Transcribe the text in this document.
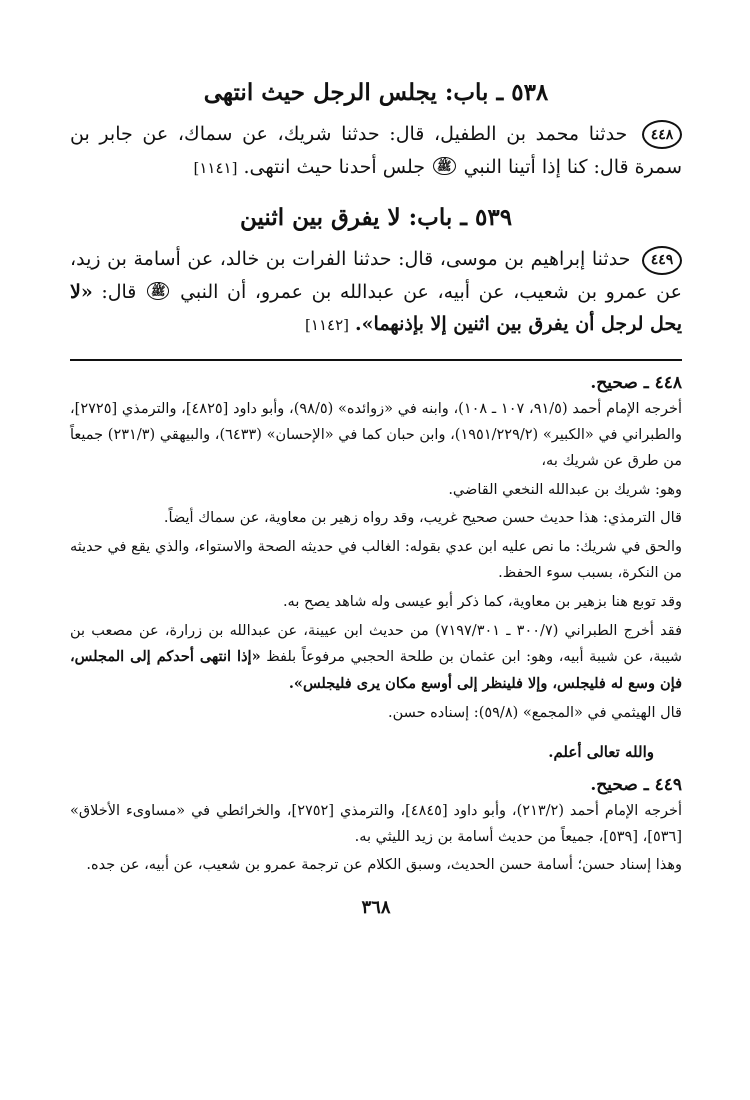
٥٣٨ ـ باب: يجلس الرجل حيث انتهى

٤٤٨ حدثنا محمد بن الطفيل، قال: حدثنا شريك، عن سماك، عن جابر بن سمرة قال: كنا إذا أتينا النبي ﷺ جلس أحدنا حيث انتهى. [١١٤١]

٥٣٩ ـ باب: لا يفرق بين اثنين

٤٤٩ حدثنا إبراهيم بن موسى، قال: حدثنا الفرات بن خالد، عن أسامة بن زيد، عن عمرو بن شعيب، عن أبيه، عن عبدالله بن عمرو، أن النبي ﷺ قال: «لا يحل لرجل أن يفرق بين اثنين إلا بإذنهما». [١١٤٢]

٤٤٨ ـ صحيح.

أخرجه الإمام أحمد (٩١/٥، ١٠٧ ـ ١٠٨)، وابنه في «زوائده» (٩٨/٥)، وأبو داود [٤٨٢٥]، والترمذي [٢٧٢٥]، والطبراني في «الكبير» (١٩٥١/٢٢٩/٢)، وابن حبان كما في «الإحسان» (٦٤٣٣)، والبيهقي (٢٣١/٣) جميعاً من طرق عن شريك به،

وهو: شريك بن عبدالله النخعي القاضي.

قال الترمذي: هذا حديث حسن صحيح غريب، وقد رواه زهير بن معاوية، عن سماك أيضاً.

والحق في شريك: ما نص عليه ابن عدي بقوله: الغالب في حديثه الصحة والاستواء، والذي يقع في حديثه من النكرة، بسبب سوء الحفظ.

وقد توبع هنا بزهير بن معاوية، كما ذكر أبو عيسى وله شاهد يصح به.

فقد أخرج الطبراني (٣٠٠/٧ ـ ٧١٩٧/٣٠١) من حديث ابن عيينة، عن عبدالله بن زرارة، عن مصعب بن شيبة، عن شيبة أبيه، وهو: ابن عثمان بن طلحة الحجبي مرفوعاً بلفظ «إذا انتهى أحدكم إلى المجلس، فإن وسع له فليجلس، وإلا فلينظر إلى أوسع مكان يرى فليجلس».

قال الهيثمي في «المجمع» (٥٩/٨): إسناده حسن.

والله تعالى أعلم.
٤٤٩ ـ صحيح.

أخرجه الإمام أحمد (٢١٣/٢)، وأبو داود [٤٨٤٥]، والترمذي [٢٧٥٢]، والخرائطي في «مساوىء الأخلاق» [٥٣٦]، [٥٣٩]، جميعاً من حديث أسامة بن زيد الليثي به.

وهذا إسناد حسن؛ أسامة حسن الحديث، وسبق الكلام عن ترجمة عمرو بن شعيب، عن أبيه، عن جده.

٣٦٨
